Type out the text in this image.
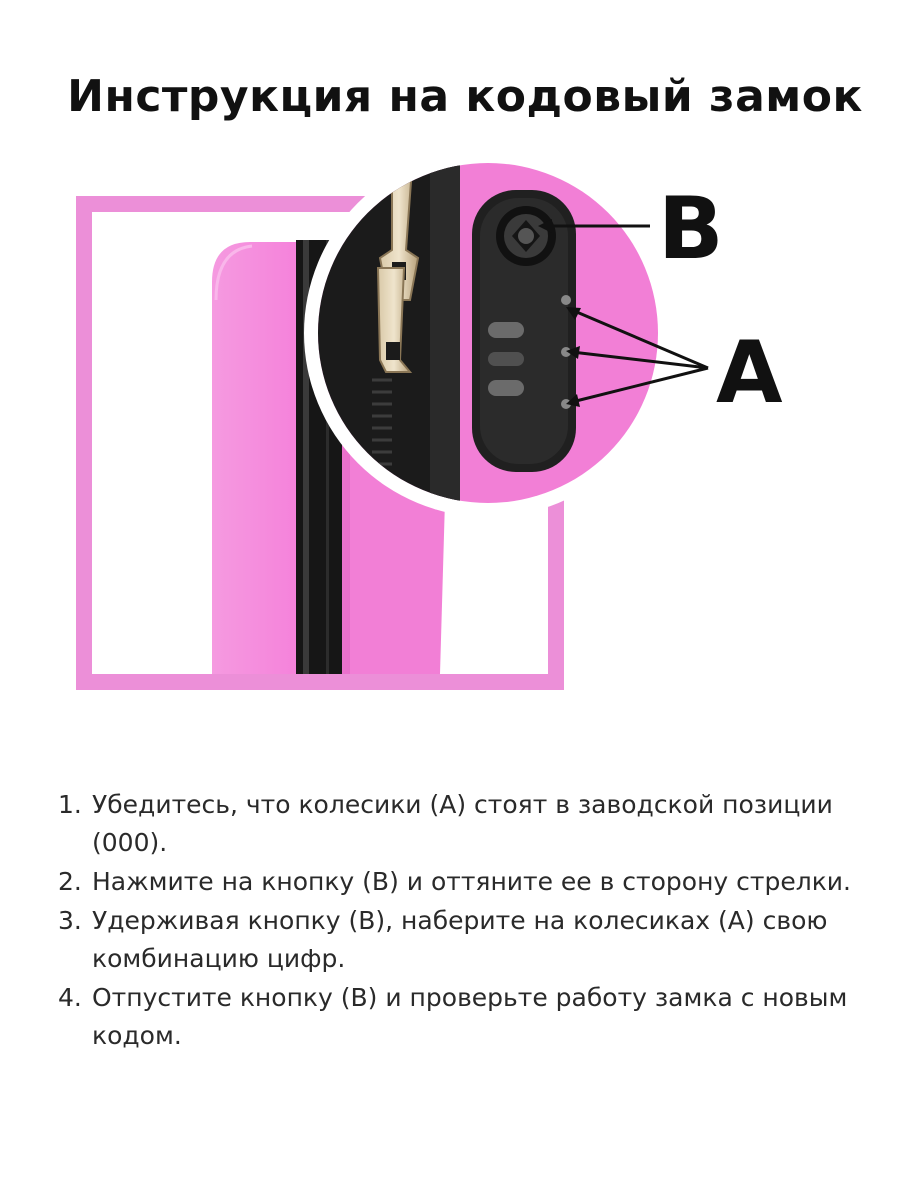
Инструкция на кодовый замок
B
A
1. Убедитесь, что колесики (А) стоят в заводской позиции (000).
2. Нажмите на кнопку (В) и оттяните ее в сторону стрелки.
3. Удерживая кнопку (В), наберите на колесиках (А) свою комбинацию цифр.
4. Отпустите кнопку (В) и проверьте работу замка с новым кодом.
